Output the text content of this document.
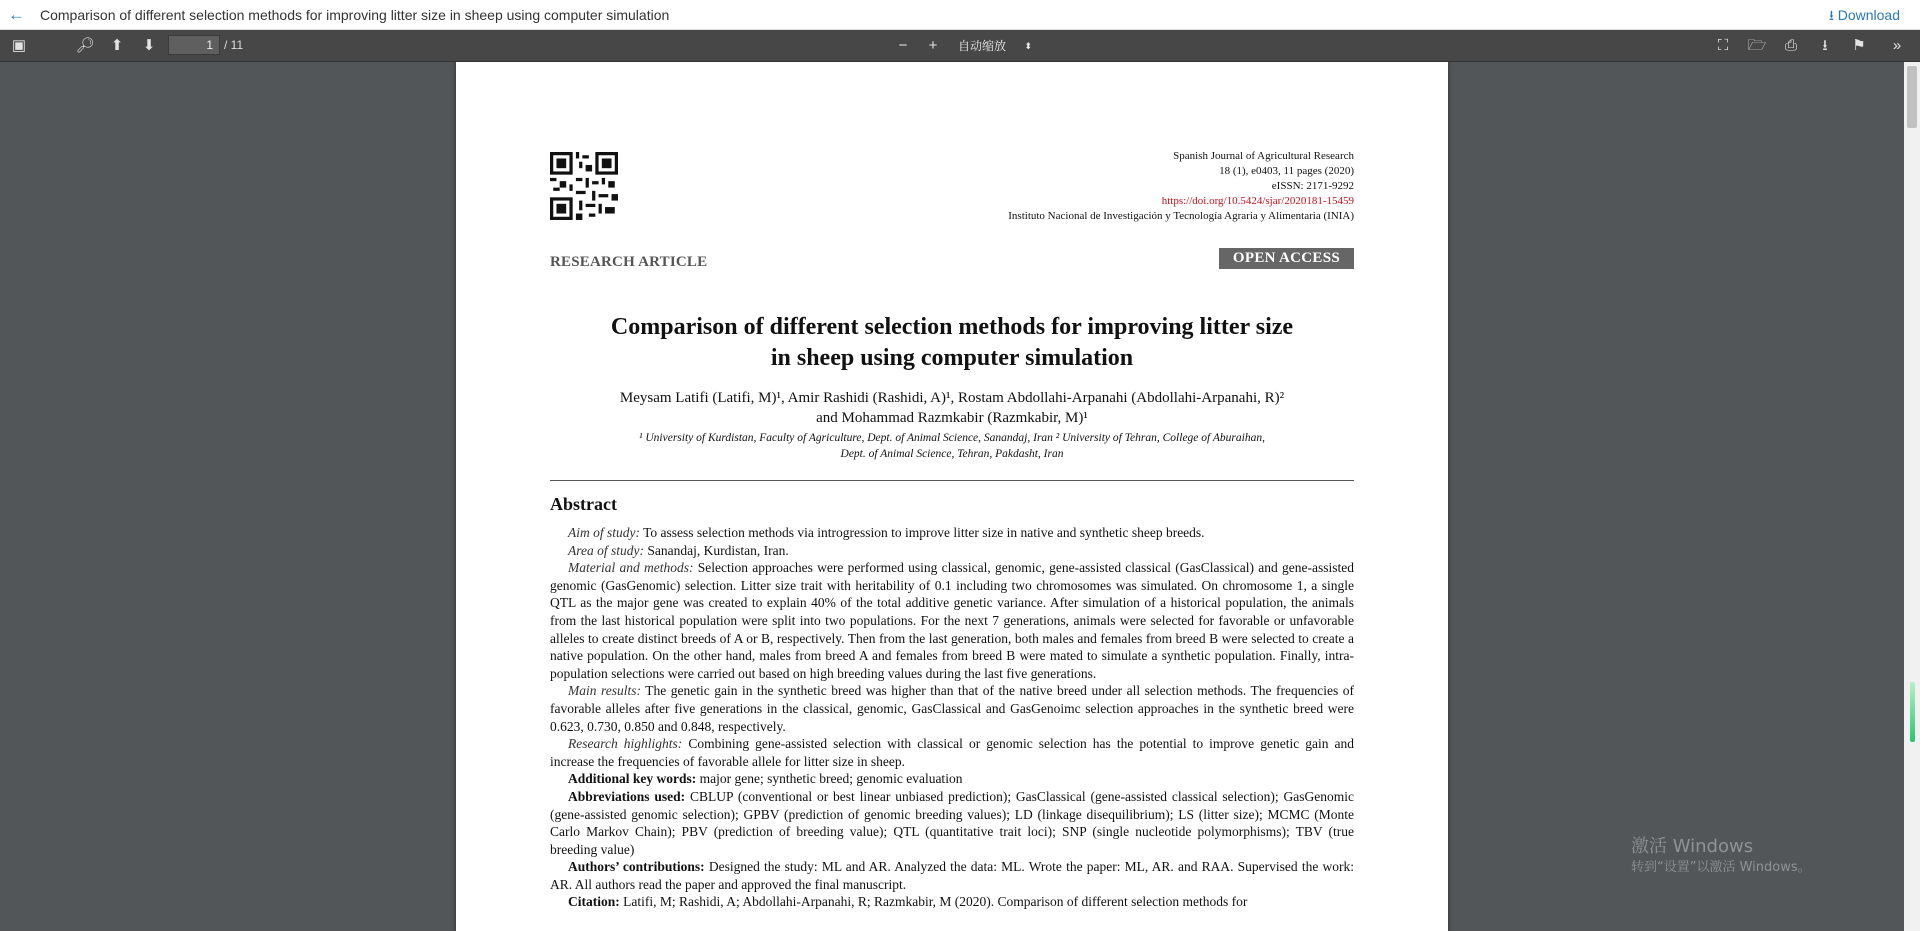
← Comparison of different selection methods for improving litter size in sheep using computer simulation	⭳ Download
▣	🔎︎	⬆	⬇
1	/ 11	−	+	自动缩放 ⬍	⛶	🗁︎	⎙	⭳	⚑	»
Spanish Journal of Agricultural Research
18 (1), e0403, 11 pages (2020)
eISSN: 2171-9292
https://doi.org/10.5424/sjar/2020181-15459
Instituto Nacional de Investigación y Tecnología Agraria y Alimentaria (INIA)
RESEARCH ARTICLE	OPEN ACCESS
Comparison of different selection methods for improving litter size
in sheep using computer simulation
Meysam Latifi (Latifi, M)¹, Amir Rashidi (Rashidi, A)¹, Rostam Abdollahi-Arpanahi (Abdollahi-Arpanahi, R)²
and Mohammad Razmkabir (Razmkabir, M)¹
¹ University of Kurdistan, Faculty of Agriculture, Dept. of Animal Science, Sanandaj, Iran ² University of Tehran, College of Aburaihan,
Dept. of Animal Science, Tehran, Pakdasht, Iran
Abstract

Aim of study: To assess selection methods via introgression to improve litter size in native and synthetic sheep breeds.

Area of study: Sanandaj, Kurdistan, Iran.

Material and methods: Selection approaches were performed using classical, genomic, gene-assisted classical (GasClassical) and gene-assisted genomic (GasGenomic) selection. Litter size trait with heritability of 0.1 including two chromosomes was simulated. On chromosome 1, a single QTL as the major gene was created to explain 40% of the total additive genetic variance. After simulation of a historical population, the animals from the last historical population were split into two populations. For the next 7 generations, animals were selected for favorable or unfavorable alleles to create distinct breeds of A or B, respectively. Then from the last generation, both males and females from breed B were selected to create a native population. On the other hand, males from breed A and females from breed B were mated to simulate a synthetic population. Finally, intra-population selections were carried out based on high breeding values during the last five generations.

Main results: The genetic gain in the synthetic breed was higher than that of the native breed under all selection methods. The frequencies of favorable alleles after five generations in the classical, genomic, GasClassical and GasGenoimc selection approaches in the synthetic breed were 0.623, 0.730, 0.850 and 0.848, respectively.

Research highlights: Combining gene-assisted selection with classical or genomic selection has the potential to improve genetic gain and increase the frequencies of favorable allele for litter size in sheep.

Additional key words: major gene; synthetic breed; genomic evaluation

Abbreviations used: CBLUP (conventional or best linear unbiased prediction); GasClassical (gene-assisted classical selection); GasGenomic (gene-assisted genomic selection); GPBV (prediction of genomic breeding values); LD (linkage disequilibrium); LS (litter size); MCMC (Monte Carlo Markov Chain); PBV (prediction of breeding value); QTL (quantitative trait loci); SNP (single nucleotide polymorphisms); TBV (true breeding value)

Authors’ contributions: Designed the study: ML and AR. Analyzed the data: ML. Wrote the paper: ML, AR. and RAA. Supervised the work: AR. All authors read the paper and approved the final manuscript.

Citation: Latifi, M; Rashidi, A; Abdollahi-Arpanahi, R; Razmkabir, M (2020). Comparison of different selection methods for

激活 Windows
转到“设置”以激活 Windows。
